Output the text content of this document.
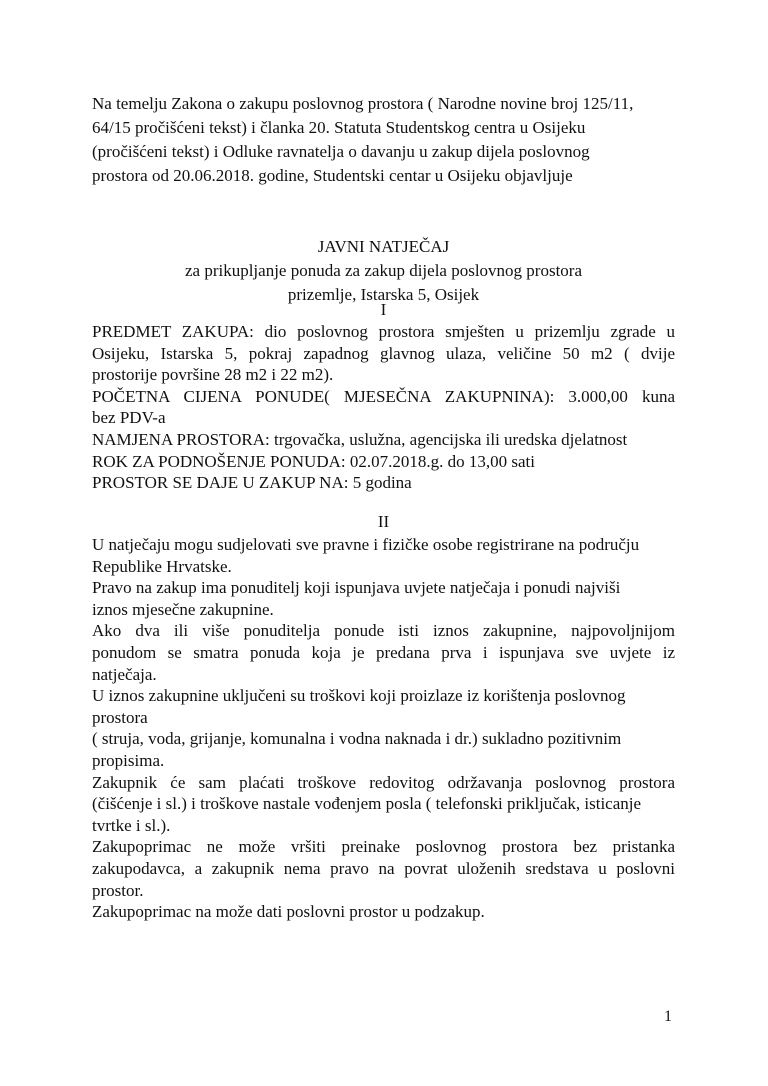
Na temelju Zakona o zakupu poslovnog prostora ( Narodne novine broj 125/11,
64/15 pročišćeni tekst) i članka 20. Statuta Studentskog centra u Osijeku
(pročišćeni tekst) i Odluke ravnatelja o davanju u zakup dijela poslovnog
prostora od 20.06.2018. godine, Studentski centar u Osijeku objavljuje
JAVNI NATJEČAJ
za prikupljanje ponuda za zakup dijela poslovnog prostora
prizemlje, Istarska 5, Osijek
I
PREDMET ZAKUPA: dio poslovnog prostora smješten u prizemlju zgrade u
Osijeku, Istarska 5, pokraj zapadnog glavnog ulaza, veličine 50 m2 ( dvije
prostorije površine 28 m2 i 22 m2).
POČETNA CIJENA PONUDE( MJESEČNA ZAKUPNINA): 3.000,00 kuna
bez PDV-a
NAMJENA PROSTORA: trgovačka, uslužna, agencijska ili uredska djelatnost
ROK ZA PODNOŠENJE PONUDA: 02.07.2018.g. do 13,00 sati
PROSTOR SE DAJE U ZAKUP NA: 5 godina
II
U natječaju mogu sudjelovati sve pravne i fizičke osobe registrirane na području
Republike Hrvatske.
Pravo na zakup ima ponuditelj koji ispunjava uvjete natječaja i ponudi najviši
iznos mjesečne zakupnine.
Ako dva ili više ponuditelja ponude isti iznos zakupnine, najpovoljnijom
ponudom se smatra ponuda koja je predana prva i ispunjava sve uvjete iz
natječaja.
U iznos zakupnine uključeni su troškovi koji proizlaze iz korištenja poslovnog
prostora
( struja, voda, grijanje, komunalna i vodna naknada i dr.) sukladno pozitivnim
propisima.
Zakupnik će sam plaćati troškove redovitog održavanja poslovnog prostora
(čišćenje i sl.) i troškove nastale vođenjem posla ( telefonski priključak, isticanje
tvrtke i sl.).
Zakupoprimac ne može vršiti preinake poslovnog prostora bez pristanka
zakupodavca, a zakupnik nema pravo na povrat uloženih sredstava u poslovni
prostor.
Zakupoprimac na može dati poslovni prostor u podzakup.
1
